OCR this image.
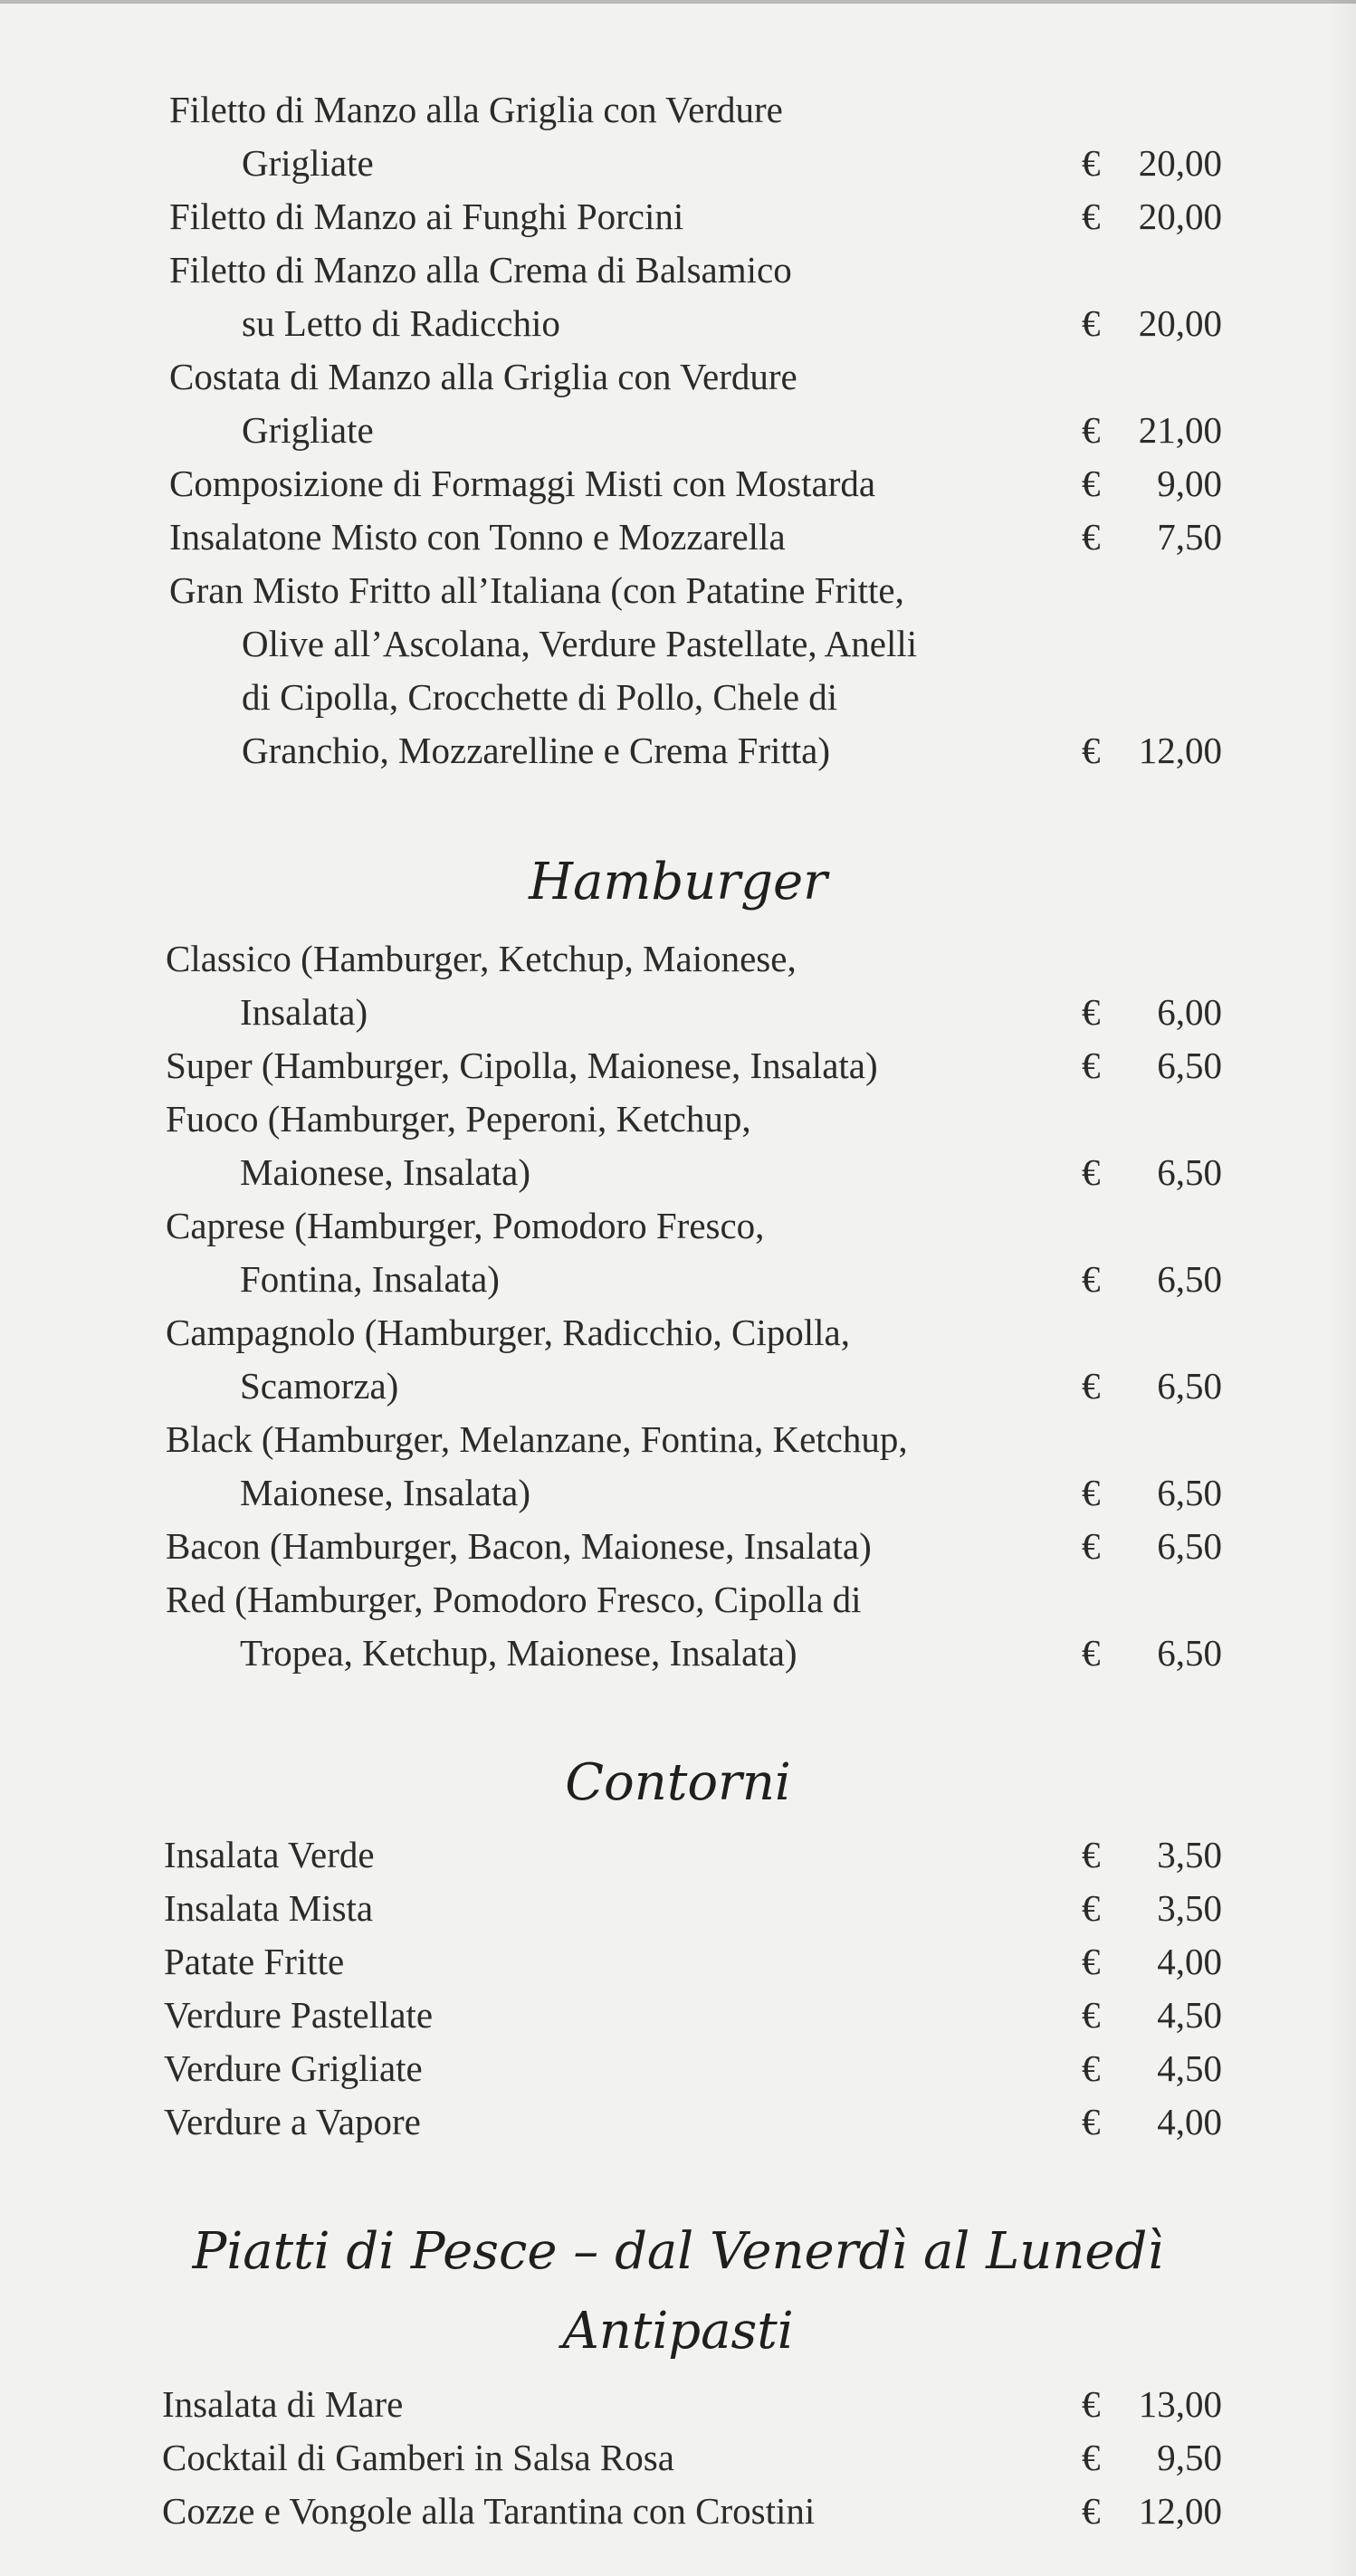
Filetto di Manzo alla Griglia con Verdure
Grigliate	€ 20,00
Filetto di Manzo ai Funghi Porcini	€ 20,00
Filetto di Manzo alla Crema di Balsamico
su Letto di Radicchio	€ 20,00
Costata di Manzo alla Griglia con Verdure
Grigliate	€ 21,00
Composizione di Formaggi Misti con Mostarda	€ 9,00
Insalatone Misto con Tonno e Mozzarella	€ 7,50
Gran Misto Fritto all’Italiana (con Patatine Fritte,
Olive all’Ascolana, Verdure Pastellate, Anelli
di Cipolla, Crocchette di Pollo, Chele di
Granchio, Mozzarelline e Crema Fritta)	€ 12,00
Hamburger
Classico (Hamburger, Ketchup, Maionese,
Insalata)	€ 6,00
Super (Hamburger, Cipolla, Maionese, Insalata)	€ 6,50
Fuoco (Hamburger, Peperoni, Ketchup,
Maionese, Insalata)	€ 6,50
Caprese (Hamburger, Pomodoro Fresco,
Fontina, Insalata)	€ 6,50
Campagnolo (Hamburger, Radicchio, Cipolla,
Scamorza)	€ 6,50
Black (Hamburger, Melanzane, Fontina, Ketchup,
Maionese, Insalata)	€ 6,50
Bacon (Hamburger, Bacon, Maionese, Insalata)	€ 6,50
Red (Hamburger, Pomodoro Fresco, Cipolla di
Tropea, Ketchup, Maionese, Insalata)	€ 6,50
Contorni
Insalata Verde	€ 3,50
Insalata Mista	€ 3,50
Patate Fritte	€ 4,00
Verdure Pastellate	€ 4,50
Verdure Grigliate	€ 4,50
Verdure a Vapore	€ 4,00
Piatti di Pesce – dal Venerdì al Lunedì
Antipasti
Insalata di Mare	€ 13,00
Cocktail di Gamberi in Salsa Rosa	€ 9,50
Cozze e Vongole alla Tarantina con Crostini	€ 12,00
